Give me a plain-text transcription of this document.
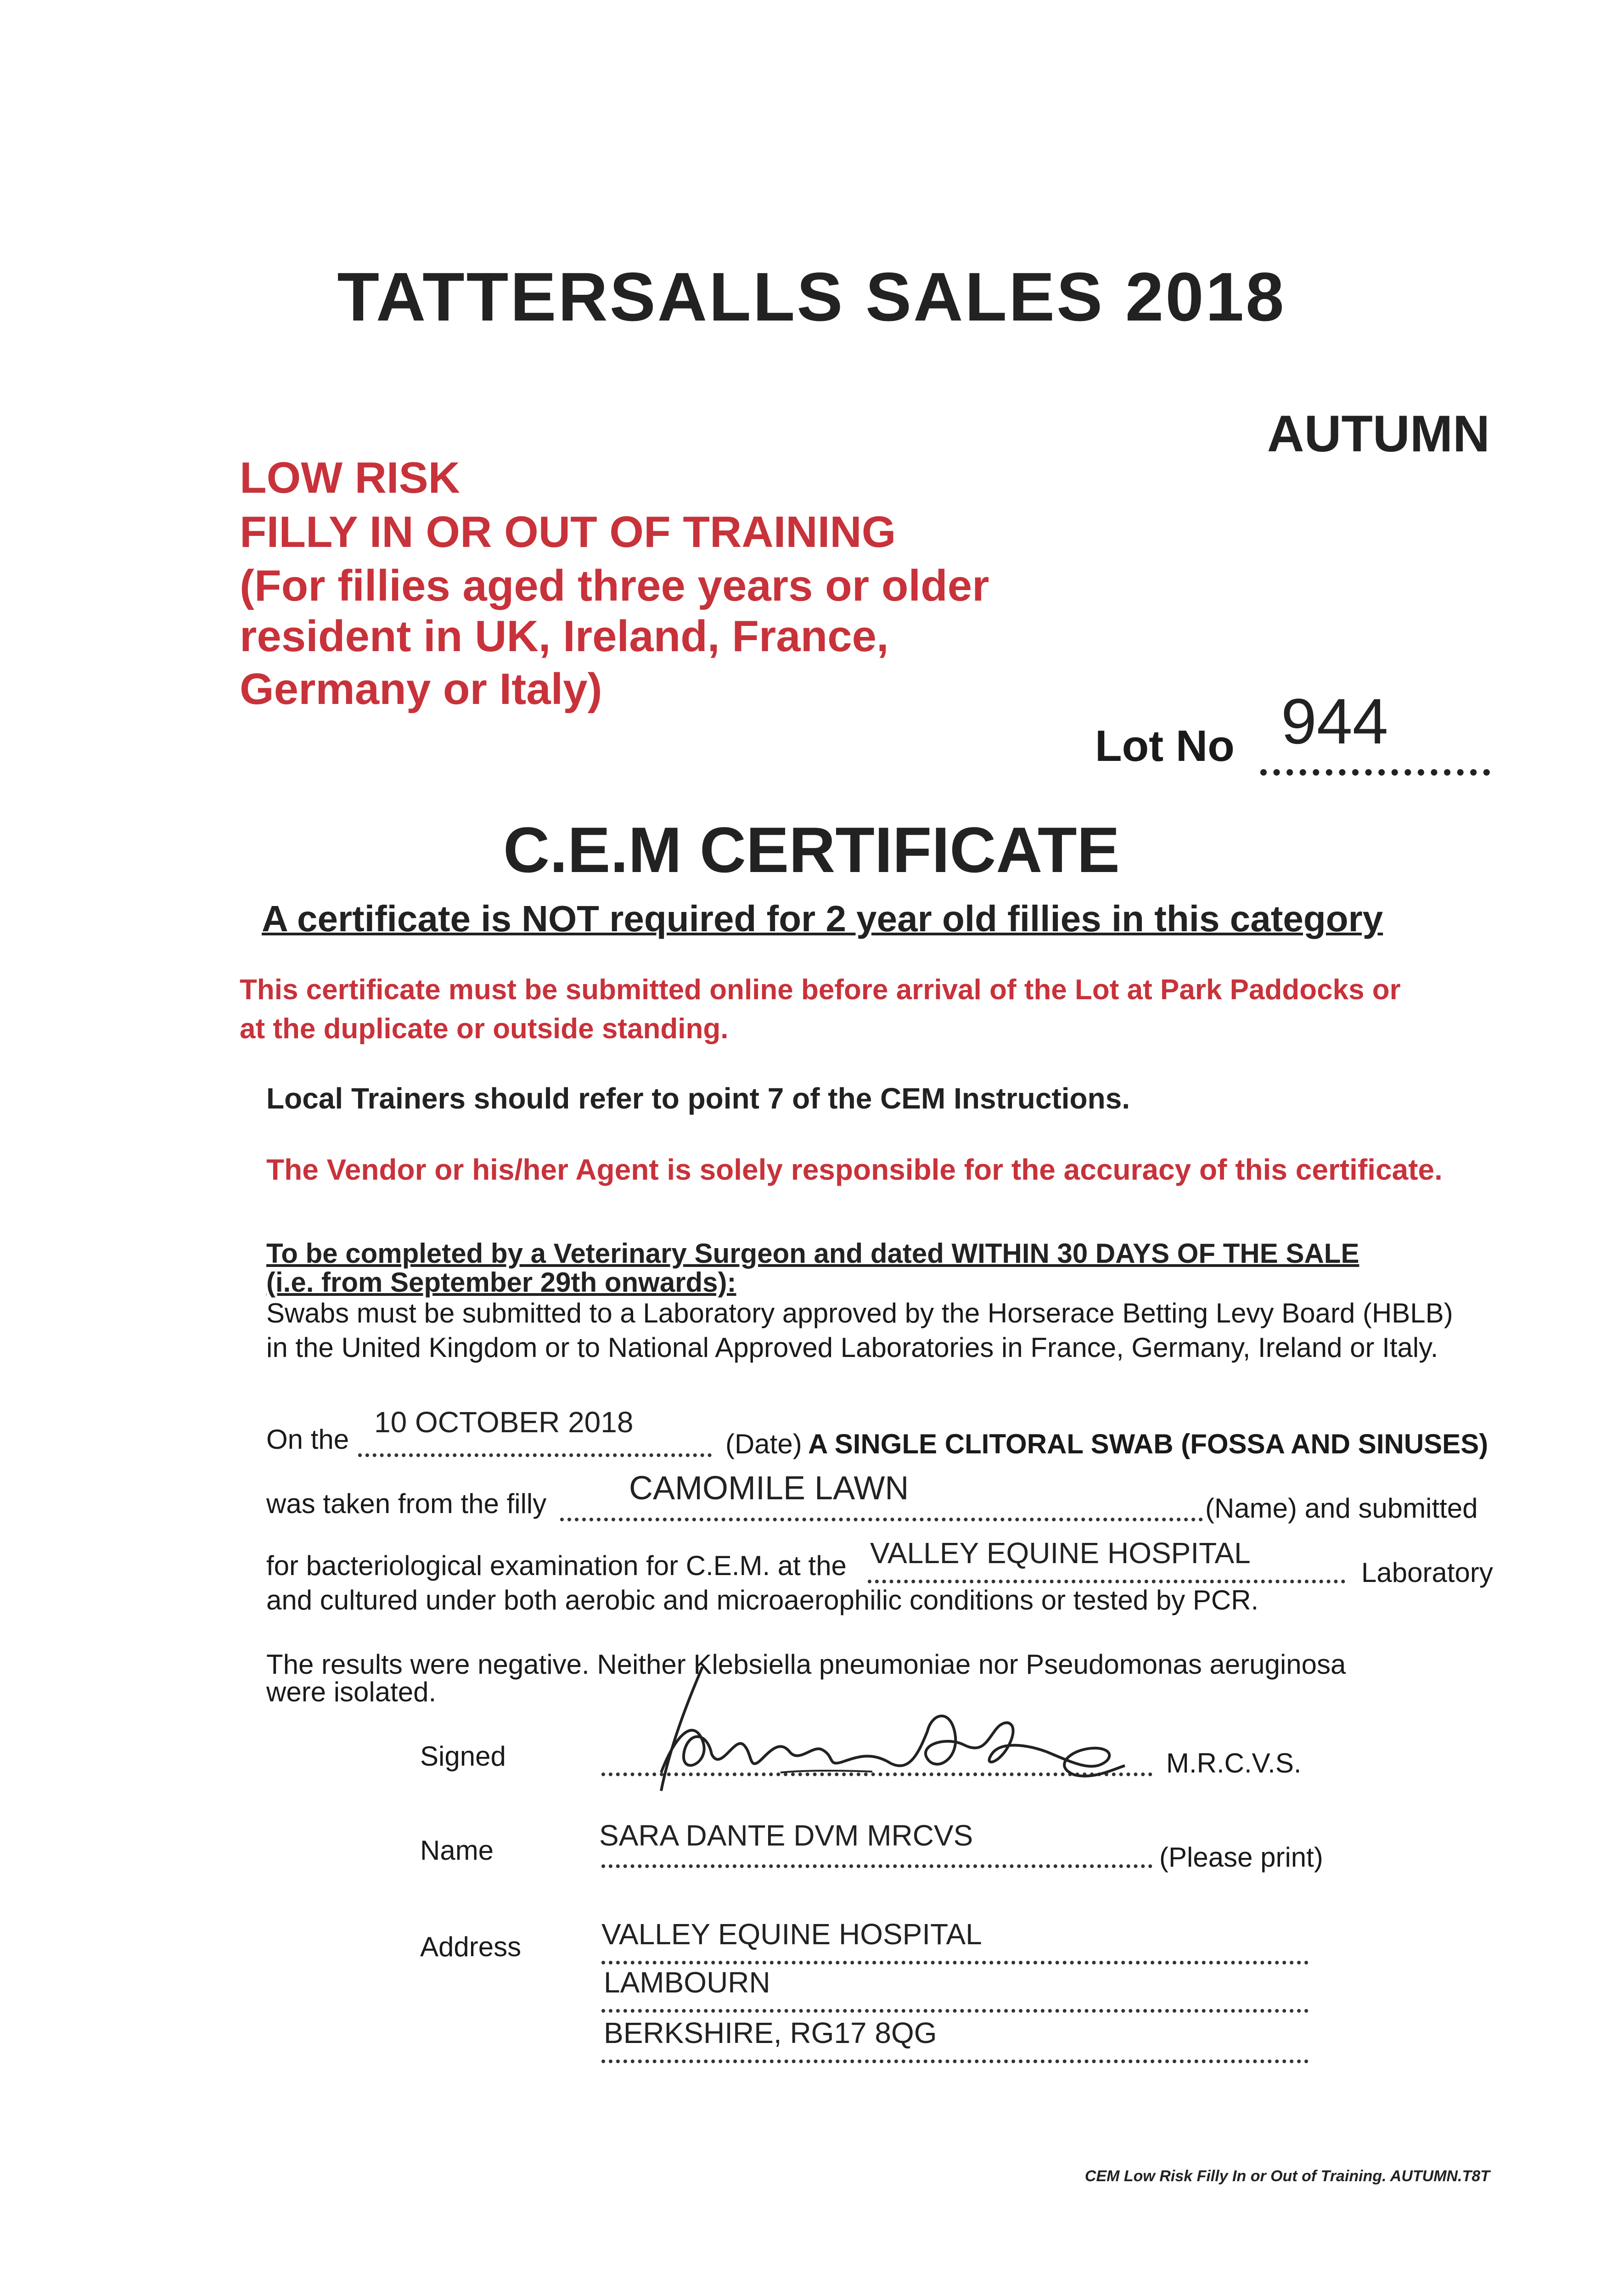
TATTERSALLS SALES 2018
AUTUMN
LOW RISK
FILLY IN OR OUT OF TRAINING
(For fillies aged three years or older
resident in UK, Ireland, France,
Germany or Italy)
Lot No 944
C.E.M CERTIFICATE
A certificate is NOT required for 2 year old fillies in this category
This certificate must be submitted online before arrival of the Lot at Park Paddocks or
at the duplicate or outside standing.
Local Trainers should refer to point 7 of the CEM Instructions.
The Vendor or his/her Agent is solely responsible for the accuracy of this certificate.
To be completed by a Veterinary Surgeon and dated WITHIN 30 DAYS OF THE SALE
(i.e. from September 29th onwards):
Swabs must be submitted to a Laboratory approved by the Horserace Betting Levy Board (HBLB)
in the United Kingdom or to National Approved Laboratories in France, Germany, Ireland or Italy.
On the
10 OCTOBER 2018
(Date) A SINGLE CLITORAL SWAB (FOSSA AND SINUSES)
was taken from the filly CAMOMILE LAWN
(Name) and submitted
for bacteriological examination for C.E.M. at the VALLEY EQUINE HOSPITAL
Laboratory
and cultured under both aerobic and microaerophilic conditions or tested by PCR.
The results were negative. Neither Klebsiella pneumoniae nor Pseudomonas aeruginosa
were isolated.
Signed	M.R.C.V.S.
Name	SARA DANTE DVM MRCVS
(Please print)
Address	VALLEY EQUINE HOSPITAL
LAMBOURN
BERKSHIRE, RG17 8QG
CEM Low Risk Filly In or Out of Training. AUTUMN.T8T
